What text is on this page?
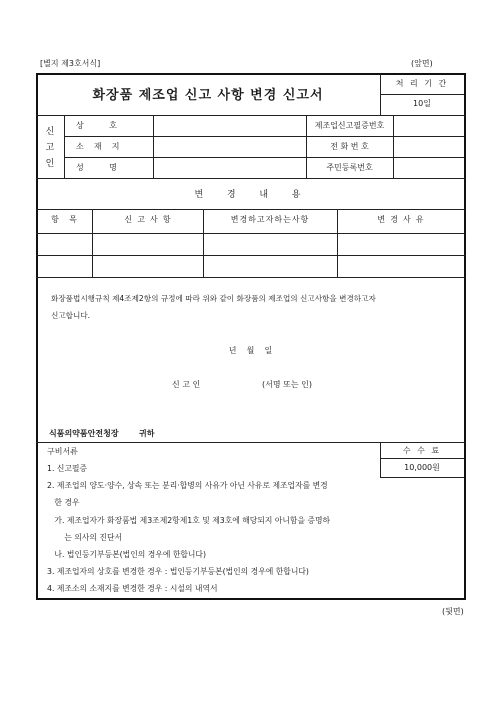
[별지 제3호서식]	(앞면)
화장품 제조업 신고 사항 변경 신고서
처 리 기 간
10일
신
고
인
상          호	제조업신고필증번호
소    재    지	전 화 번 호
성          명	주민등록번호
변  경  내  용
항    목	신  고  사  항	변경하고자하는사항	변  경  사  유
화장품법시행규칙 제4조제2항의 규정에 따라 위와 같이 화장품의 제조업의 신고사항을 변경하고자
신고합니다.
년    월    일
신 고 인	(서명 또는 인)
식품의약품안전청장	귀하
구비서류	수 수 료
10,000원
1. 신고필증
2. 제조업의 양도·양수, 상속 또는 분리·합병의 사유가 아닌 사유로 제조업자를 변경
한 경우
가. 제조업자가 화장품법 제3조제2항제1호 및 제3호에 해당되지 아니함을 증명하
는 의사의 진단서
나. 법인등기부등본(법인의 경우에 한합니다)
3. 제조업자의 상호를 변경한 경우 : 법인등기부등본(법인의 경우에 한합니다)
4. 제조소의 소재지를 변경한 경우 : 시설의 내역서
(뒷면)
